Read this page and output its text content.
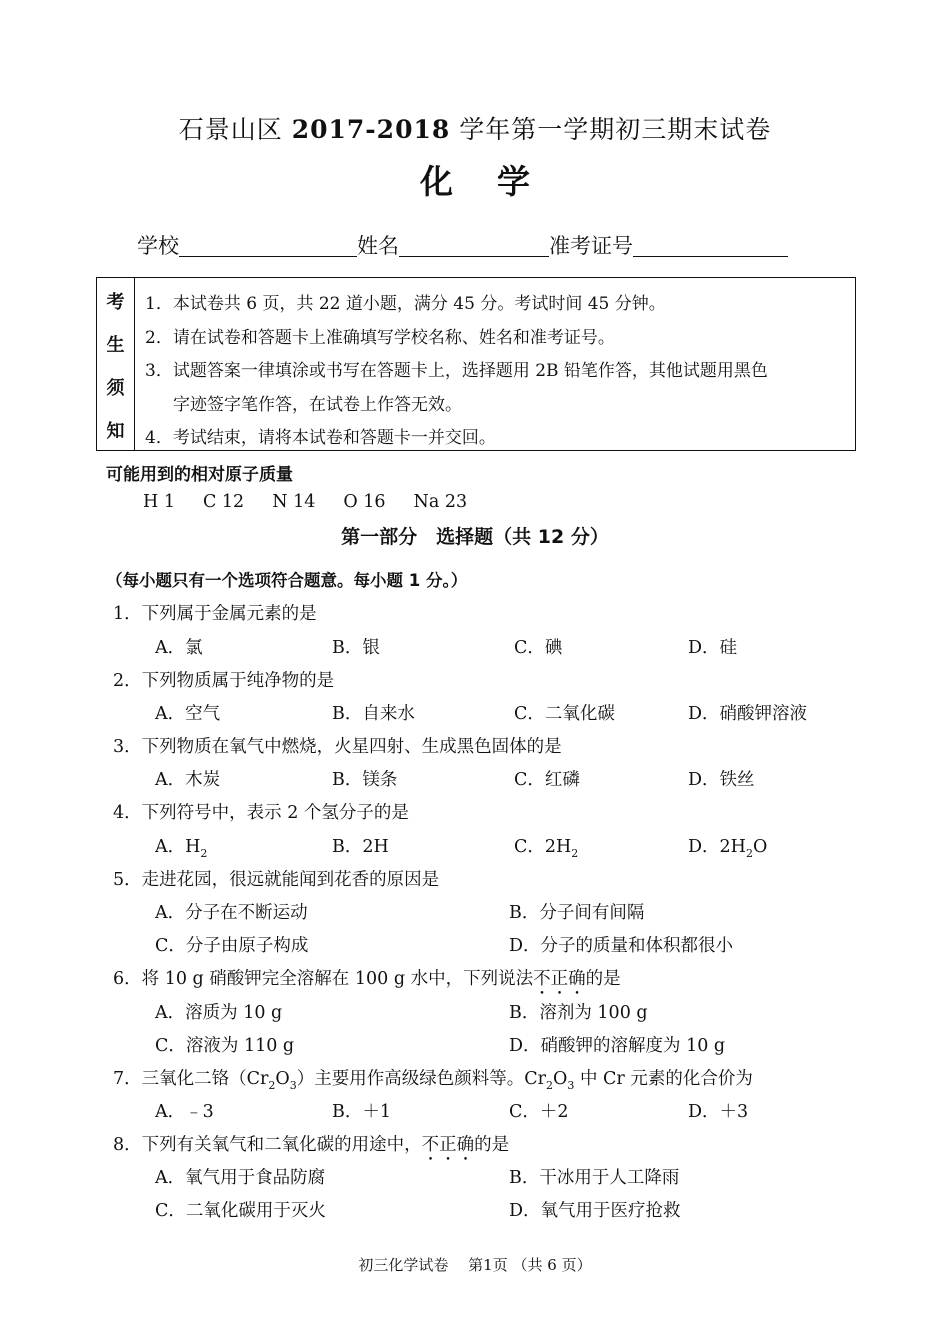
石景山区 2017-2018 学年第一学期初三期末试卷
化 学
学校	姓名	准考证号
考
生
须
知
1．本试卷共 6 页，共 22 道小题，满分 45 分。考试时间 45 分钟。
2．请在试卷和答题卡上准确填写学校名称、姓名和准考证号。
3．试题答案一律填涂或书写在答题卡上，选择题用 2B 铅笔作答，其他试题用黑色
字迹签字笔作答，在试卷上作答无效。
4．考试结束，请将本试卷和答题卡一并交回。
可能用到的相对原子质量
H 1 C 12 N 14 O 16 Na 23
第一部分　选择题（共 12 分）
（每小题只有一个选项符合题意。每小题 1 分。）
1．下列属于金属元素的是
A．氯	B．银	C．碘	D．硅
2．下列物质属于纯净物的是
A．空气	B．自来水	C．二氧化碳	D．硝酸钾溶液
3．下列物质在氧气中燃烧，火星四射、生成黑色固体的是
A．木炭	B．镁条	C．红磷	D．铁丝
4．下列符号中，表示 2 个氢分子的是
A．$H_2$	B．2H	C．$2H_2$	D．$2H_2O$
5．走进花园，很远就能闻到花香的原因是
A．分子在不断运动	B．分子间有间隔
C．分子由原子构成	D．分子的质量和体积都很小
6．将 10 g 硝酸钾完全溶解在 100 g 水中，下列说法不正确的是
A．溶质为 10 g	B．溶剂为 100 g
C．溶液为 110 g	D．硝酸钾的溶解度为 10 g
7．三氧化二铬$(Cr_2O_3)$主要用作高级绿色颜料等。$Cr_2O_3$ 中 Cr 元素的化合价为
A．﹣3	B．＋1	C．＋2	D．＋3
8．下列有关氧气和二氧化碳的用途中，不正确的是
A．氧气用于食品防腐	B．干冰用于人工降雨
C．二氧化碳用于灭火	D．氧气用于医疗抢救
初三化学试卷　 第1页 （共 6 页）
